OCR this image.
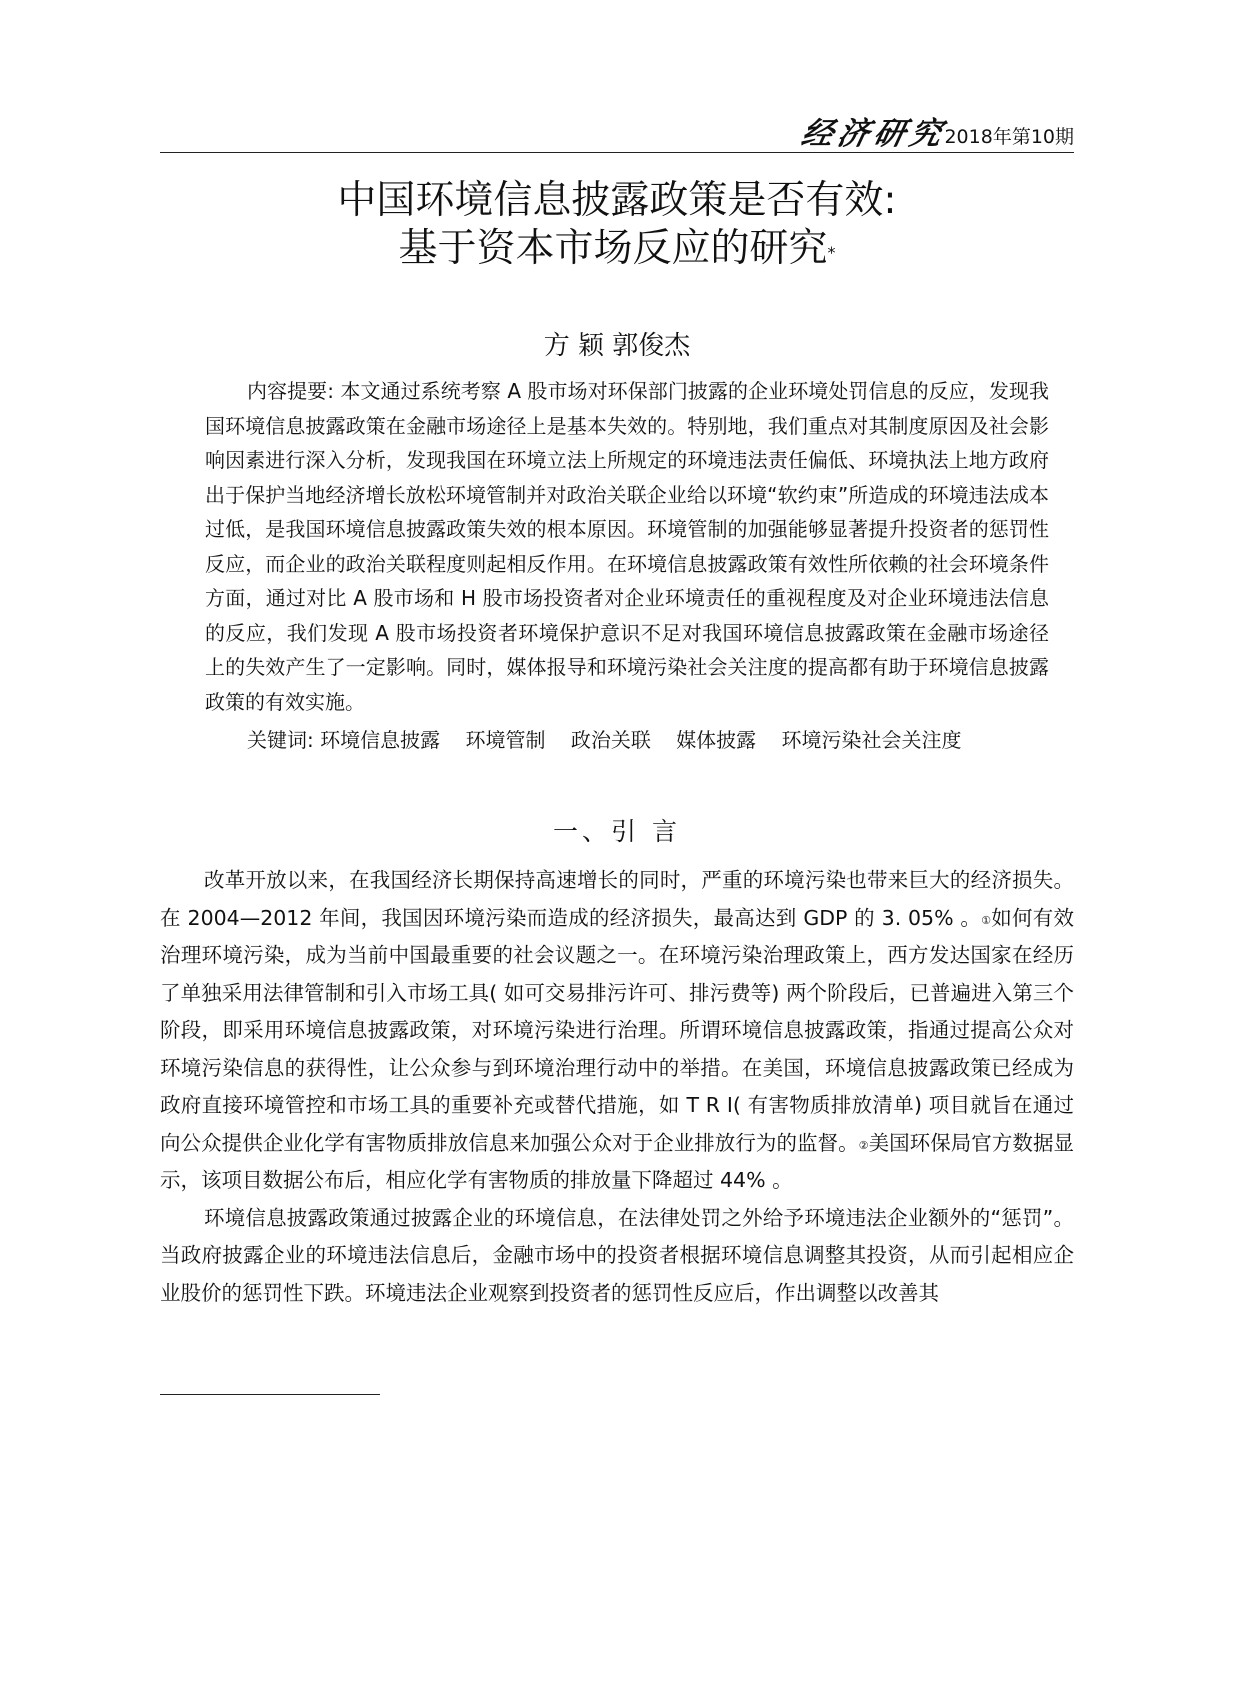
经济研究
2018年第10期
中国环境信息披露政策是否有效:
基于资本市场反应的研究*
方 颖 郭俊杰

内容提要: 本文通过系统考察 A 股市场对环保部门披露的企业环境处罚信息的反应，发现我国环境信息披露政策在金融市场途径上是基本失效的。特别地，我们重点对其制度原因及社会影响因素进行深入分析，发现我国在环境立法上所规定的环境违法责任偏低、环境执法上地方政府出于保护当地经济增长放松环境管制并对政治关联企业给以环境“软约束”所造成的环境违法成本过低，是我国环境信息披露政策失效的根本原因。环境管制的加强能够显著提升投资者的惩罚性反应，而企业的政治关联程度则起相反作用。在环境信息披露政策有效性所依赖的社会环境条件方面，通过对比 A 股市场和 H 股市场投资者对企业环境责任的重视程度及对企业环境违法信息的反应，我们发现 A 股市场投资者环境保护意识不足对我国环境信息披露政策在金融市场途径上的失效产生了一定影响。同时，媒体报导和环境污染社会关注度的提高都有助于环境信息披露政策的有效实施。

关键词: 环境信息披露 环境管制 政治关联 媒体披露 环境污染社会关注度
一、引 言

改革开放以来，在我国经济长期保持高速增长的同时，严重的环境污染也带来巨大的经济损失。在 2004—2012 年间，我国因环境污染而造成的经济损失，最高达到 GDP 的 3. 05% 。①如何有效治理环境污染，成为当前中国最重要的社会议题之一。在环境污染治理政策上，西方发达国家在经历了单独采用法律管制和引入市场工具( 如可交易排污许可、排污费等) 两个阶段后，已普遍进入第三个阶段，即采用环境信息披露政策，对环境污染进行治理。所谓环境信息披露政策，指通过提高公众对环境污染信息的获得性，让公众参与到环境治理行动中的举措。在美国，环境信息披露政策已经成为政府直接环境管控和市场工具的重要补充或替代措施，如 T R I( 有害物质排放清单) 项目就旨在通过向公众提供企业化学有害物质排放信息来加强公众对于企业排放行为的监督。②美国环保局官方数据显示，该项目数据公布后，相应化学有害物质的排放量下降超过 44% 。

环境信息披露政策通过披露企业的环境信息，在法律处罚之外给予环境违法企业额外的“惩罚”。当政府披露企业的环境违法信息后，金融市场中的投资者根据环境信息调整其投资，从而引起相应企业股价的惩罚性下跌。环境违法企业观察到投资者的惩罚性反应后，作出调整以改善其
